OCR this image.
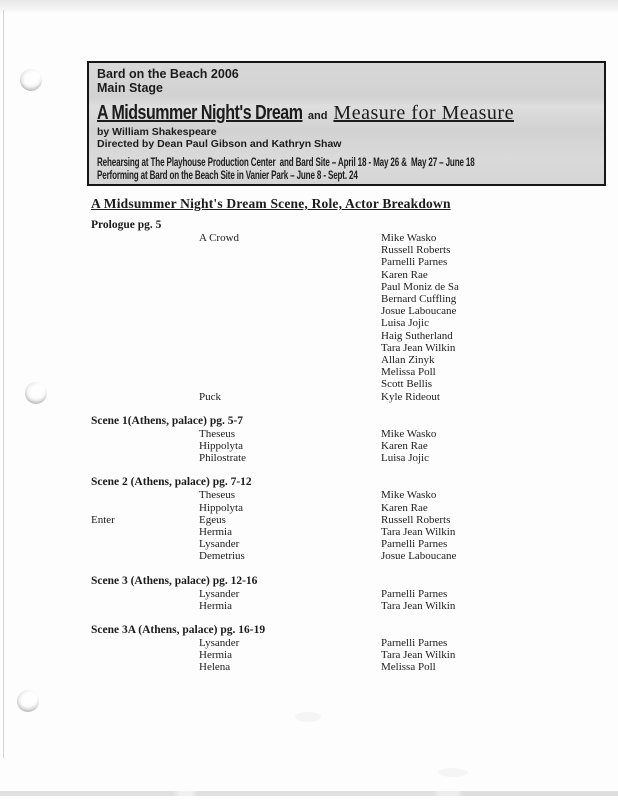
Bard on the Beach 2006
Main Stage
A Midsummer Night's Dream and Measure for Measure
by William Shakespeare
Directed by Dean Paul Gibson and Kathryn Shaw
Rehearsing at The Playhouse Production Center  and Bard Site – April 18 - May 26 &  May 27 – June 18
Performing at Bard on the Beach Site in Vanier Park – June 8 - Sept. 24
A Midsummer Night's Dream Scene, Role, Actor Breakdown
Prologue pg. 5
A Crowd	Mike Wasko
Russell Roberts
Parnelli Parnes
Karen Rae
Paul Moniz de Sa
Bernard Cuffling
Josue Laboucane
Luisa Jojic
Haig Sutherland
Tara Jean Wilkin
Allan Zinyk
Melissa Poll
Scott Bellis
Puck	Kyle Rideout
Scene 1(Athens, palace) pg. 5-7
Theseus	Mike Wasko
Hippolyta	Karen Rae
Philostrate	Luisa Jojic
Scene 2 (Athens, palace) pg. 7-12
Theseus	Mike Wasko
Hippolyta	Karen Rae
Enter	Egeus	Russell Roberts
Hermia	Tara Jean Wilkin
Lysander	Parnelli Parnes
Demetrius	Josue Laboucane
Scene 3 (Athens, palace) pg. 12-16
Lysander	Parnelli Parnes
Hermia	Tara Jean Wilkin
Scene 3A (Athens, palace) pg. 16-19
Lysander	Parnelli Parnes
Hermia	Tara Jean Wilkin
Helena	Melissa Poll
